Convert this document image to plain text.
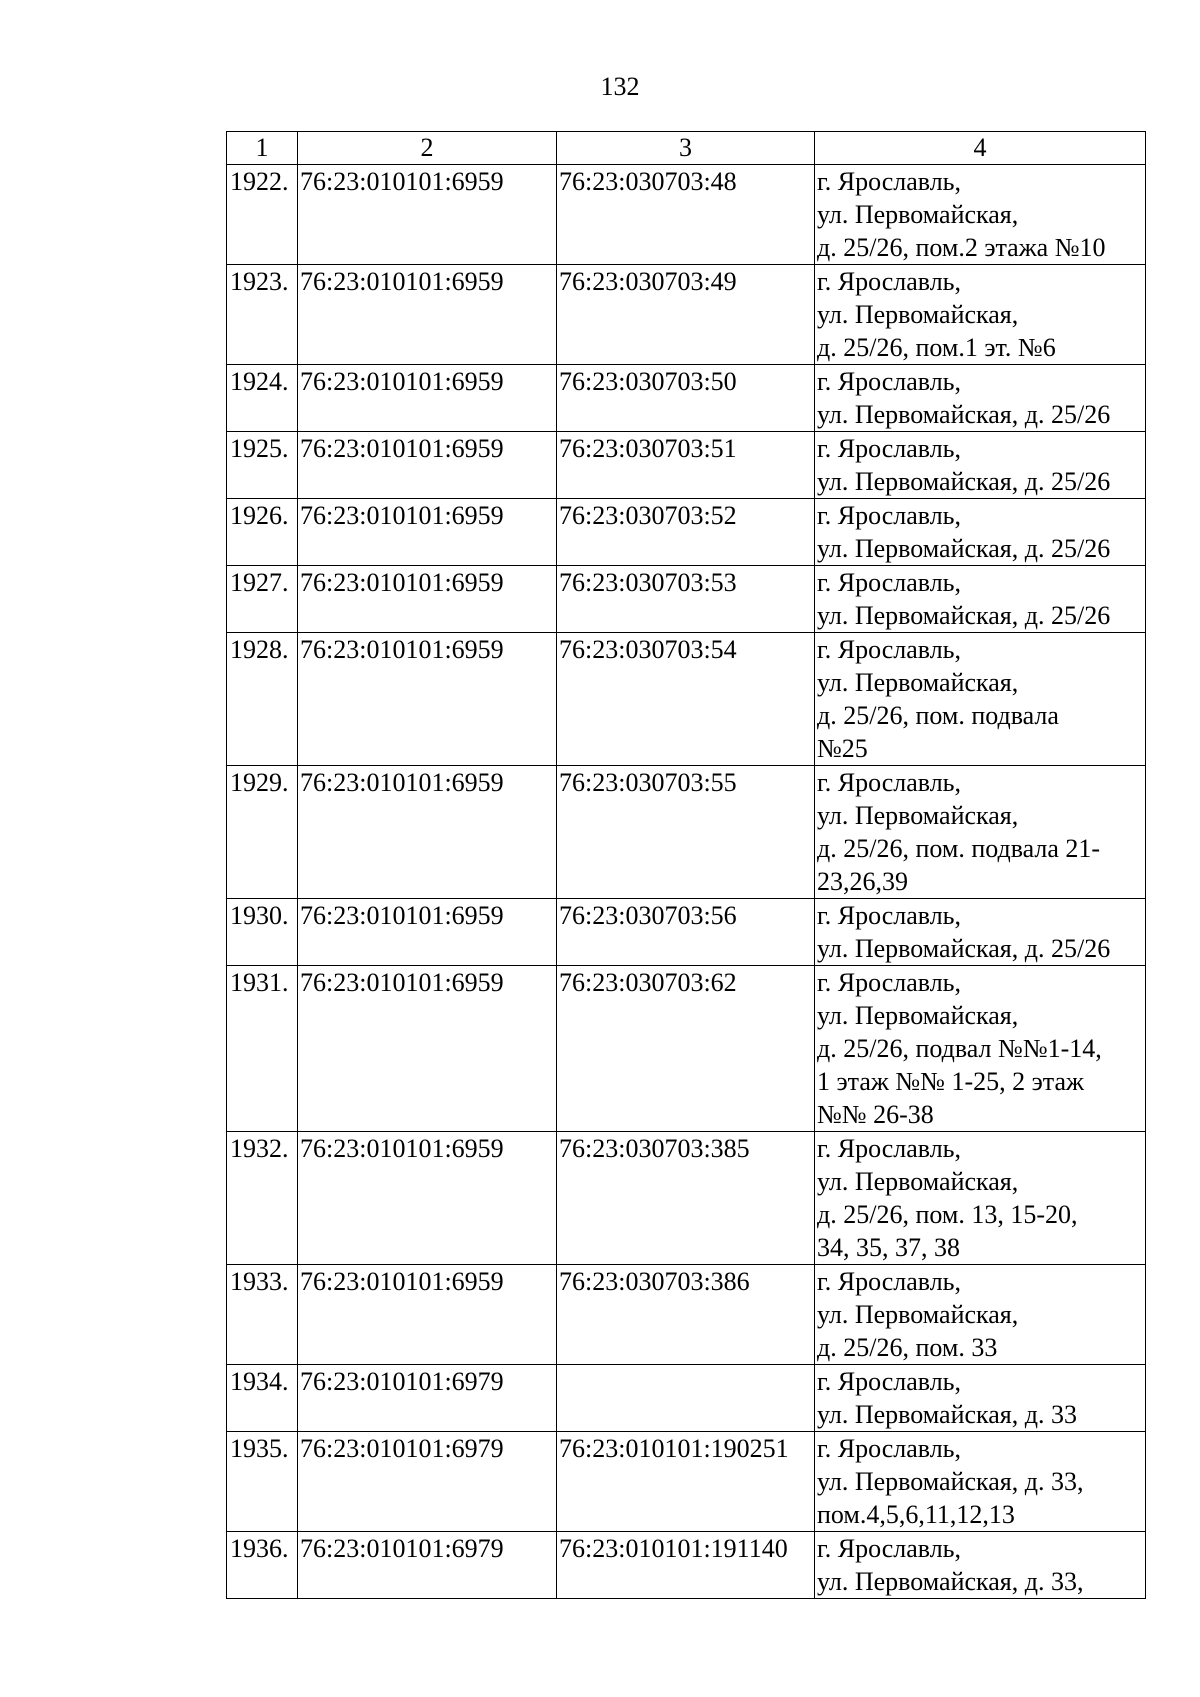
132
1	2	3	4
1922.	76:23:010101:6959	76:23:030703:48	г. Ярославль,
ул. Первомайская,
д. 25/26, пом.2 этажа №10
1923.	76:23:010101:6959	76:23:030703:49	г. Ярославль,
ул. Первомайская,
д. 25/26, пом.1 эт. №6
1924.	76:23:010101:6959	76:23:030703:50	г. Ярославль,
ул. Первомайская, д. 25/26
1925.	76:23:010101:6959	76:23:030703:51	г. Ярославль,
ул. Первомайская, д. 25/26
1926.	76:23:010101:6959	76:23:030703:52	г. Ярославль,
ул. Первомайская, д. 25/26
1927.	76:23:010101:6959	76:23:030703:53	г. Ярославль,
ул. Первомайская, д. 25/26
1928.	76:23:010101:6959	76:23:030703:54	г. Ярославль,
ул. Первомайская,
д. 25/26, пом. подвала
№25
1929.	76:23:010101:6959	76:23:030703:55	г. Ярославль,
ул. Первомайская,
д. 25/26, пом. подвала 21-
23,26,39
1930.	76:23:010101:6959	76:23:030703:56	г. Ярославль,
ул. Первомайская, д. 25/26
1931.	76:23:010101:6959	76:23:030703:62	г. Ярославль,
ул. Первомайская,
д. 25/26, подвал №№1-14,
1 этаж №№ 1-25, 2 этаж
№№ 26-38
1932.	76:23:010101:6959	76:23:030703:385	г. Ярославль,
ул. Первомайская,
д. 25/26, пом. 13, 15-20,
34, 35, 37, 38
1933.	76:23:010101:6959	76:23:030703:386	г. Ярославль,
ул. Первомайская,
д. 25/26, пом. 33
1934.	76:23:010101:6979		г. Ярославль,
ул. Первомайская, д. 33
1935.	76:23:010101:6979	76:23:010101:190251	г. Ярославль,
ул. Первомайская, д. 33,
пом.4,5,6,11,12,13
1936.	76:23:010101:6979	76:23:010101:191140	г. Ярославль,
ул. Первомайская, д. 33,
